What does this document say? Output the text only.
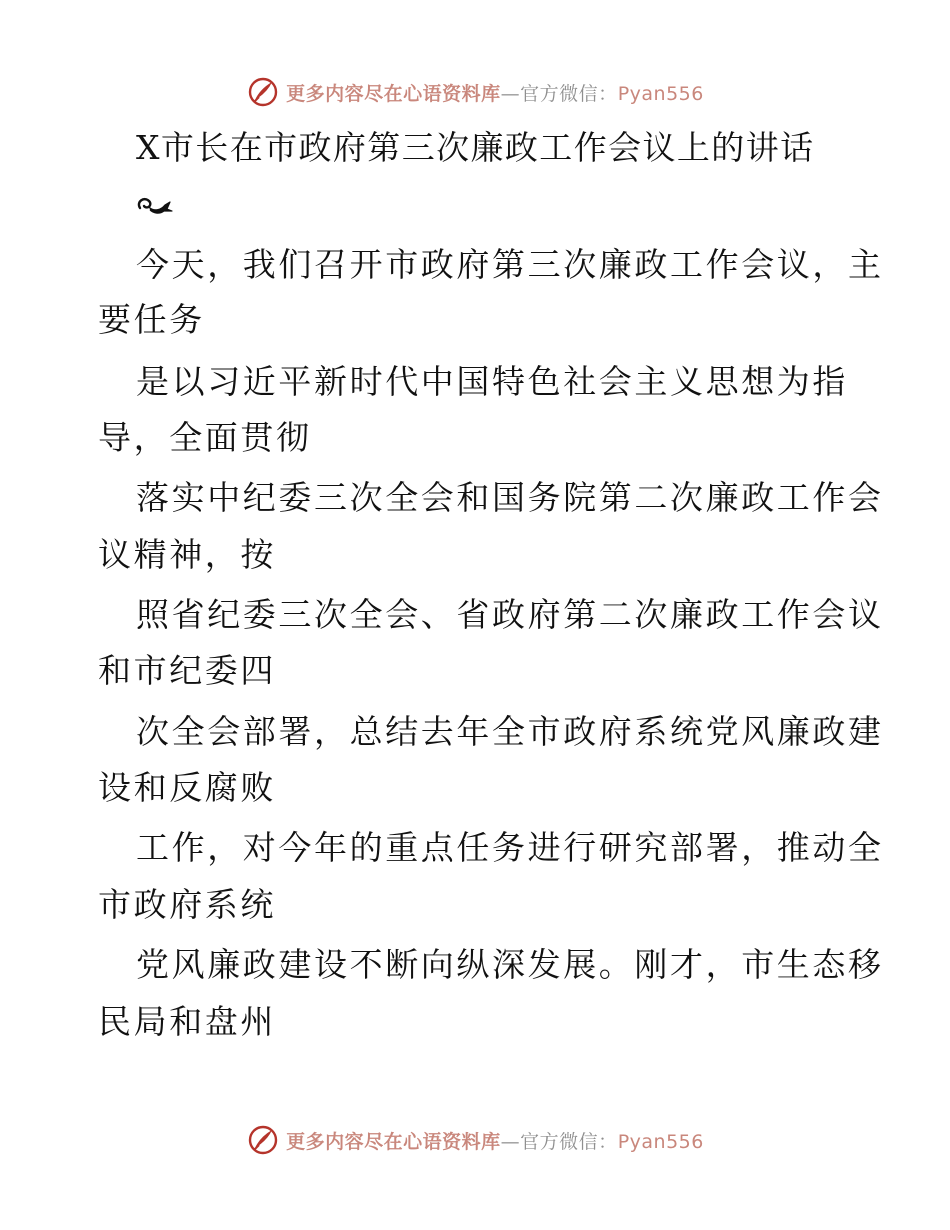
更多内容尽在心语资料库—官方微信：Pyan556
X市长在市政府第三次廉政工作会议上的讲话
今天，我们召开市政府第三次廉政工作会议，主
要任务
是以习近平新时代中国特色社会主义思想为指
导，全面贯彻
落实中纪委三次全会和国务院第二次廉政工作会
议精神，按
照省纪委三次全会、省政府第二次廉政工作会议
和市纪委四
次全会部署，总结去年全市政府系统党风廉政建
设和反腐败
工作，对今年的重点任务进行研究部署，推动全
市政府系统
党风廉政建设不断向纵深发展。刚才，市生态移
民局和盘州
更多内容尽在心语资料库—官方微信：Pyan556
